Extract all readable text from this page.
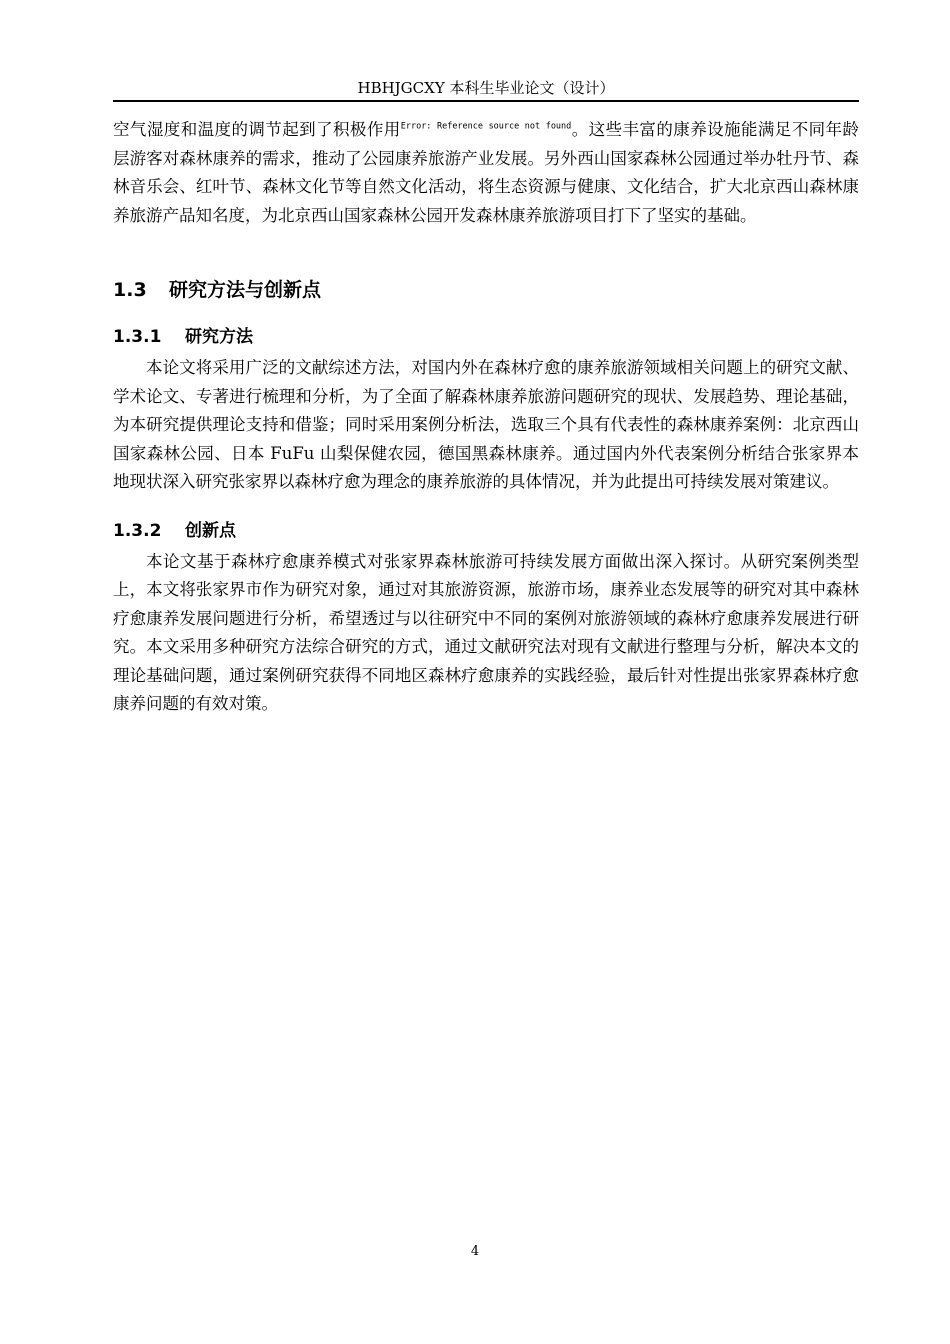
HBHJGCXY 本科生毕业论文（设计）

空气湿度和温度的调节起到了积极作用$^{Error: Reference source not found}$。这些丰富的康养设施能满足不同年龄层游客对森林康养的需求，推动了公园康养旅游产业发展。另外西山国家森林公园通过举办牡丹节、森林音乐会、红叶节、森林文化节等自然文化活动，将生态资源与健康、文化结合，扩大北京西山森林康养旅游产品知名度，为北京西山国家森林公园开发森林康养旅游项目打下了坚实的基础。

1.3 研究方法与创新点
1.3.1 研究方法

本论文将采用广泛的文献综述方法，对国内外在森林疗愈的康养旅游领域相关问题上的研究文献、学术论文、专著进行梳理和分析，为了全面了解森林康养旅游问题研究的现状、发展趋势、理论基础，为本研究提供理论支持和借鉴；同时采用案例分析法，选取三个具有代表性的森林康养案例：北京西山国家森林公园、日本 FuFu 山梨保健农园，德国黑森林康养。通过国内外代表案例分析结合张家界本地现状深入研究张家界以森林疗愈为理念的康养旅游的具体情况，并为此提出可持续发展对策建议。

1.3.2 创新点

本论文基于森林疗愈康养模式对张家界森林旅游可持续发展方面做出深入探讨。从研究案例类型上，本文将张家界市作为研究对象，通过对其旅游资源，旅游市场，康养业态发展等的研究对其中森林疗愈康养发展问题进行分析，希望透过与以往研究中不同的案例对旅游领域的森林疗愈康养发展进行研究。本文采用多种研究方法综合研究的方式，通过文献研究法对现有文献进行整理与分析，解决本文的理论基础问题，通过案例研究获得不同地区森林疗愈康养的实践经验，最后针对性提出张家界森林疗愈康养问题的有效对策。

4
